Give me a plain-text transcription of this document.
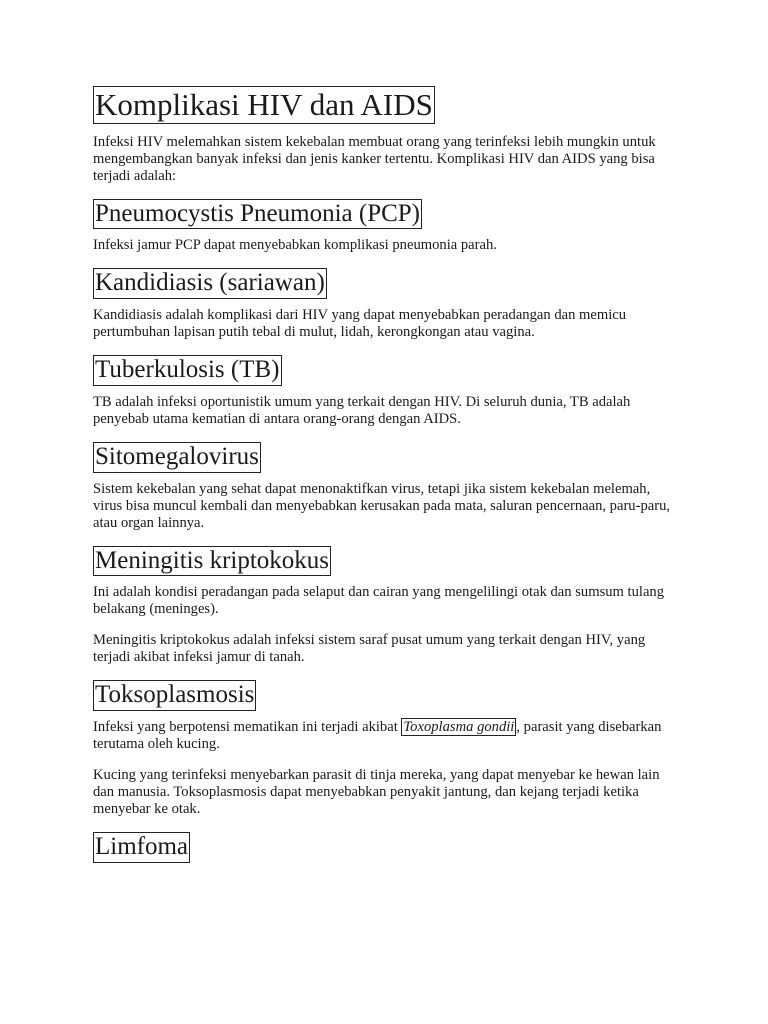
Komplikasi HIV dan AIDS

Infeksi HIV melemahkan sistem kekebalan membuat orang yang terinfeksi lebih mungkin untuk mengembangkan banyak infeksi dan jenis kanker tertentu. Komplikasi HIV dan AIDS yang bisa terjadi adalah:

Pneumocystis Pneumonia (PCP)

Infeksi jamur PCP dapat menyebabkan komplikasi pneumonia parah.

Kandidiasis (sariawan)

Kandidiasis adalah komplikasi dari HIV yang dapat menyebabkan peradangan dan memicu pertumbuhan lapisan putih tebal di mulut, lidah, kerongkongan atau vagina.

Tuberkulosis (TB)

TB adalah infeksi oportunistik umum yang terkait dengan HIV. Di seluruh dunia, TB adalah penyebab utama kematian di antara orang-orang dengan AIDS.

Sitomegalovirus

Sistem kekebalan yang sehat dapat menonaktifkan virus, tetapi jika sistem kekebalan melemah, virus bisa muncul kembali dan menyebabkan kerusakan pada mata, saluran pencernaan, paru-paru, atau organ lainnya.

Meningitis kriptokokus

Ini adalah kondisi peradangan pada selaput dan cairan yang mengelilingi otak dan sumsum tulang belakang (meninges).

Meningitis kriptokokus adalah infeksi sistem saraf pusat umum yang terkait dengan HIV, yang terjadi akibat infeksi jamur di tanah.

Toksoplasmosis

Infeksi yang berpotensi mematikan ini terjadi akibat Toxoplasma gondii , parasit yang disebarkan terutama oleh kucing.

Kucing yang terinfeksi menyebarkan parasit di tinja mereka, yang dapat menyebar ke hewan lain dan manusia. Toksoplasmosis dapat menyebabkan penyakit jantung, dan kejang terjadi ketika menyebar ke otak.

Limfoma
